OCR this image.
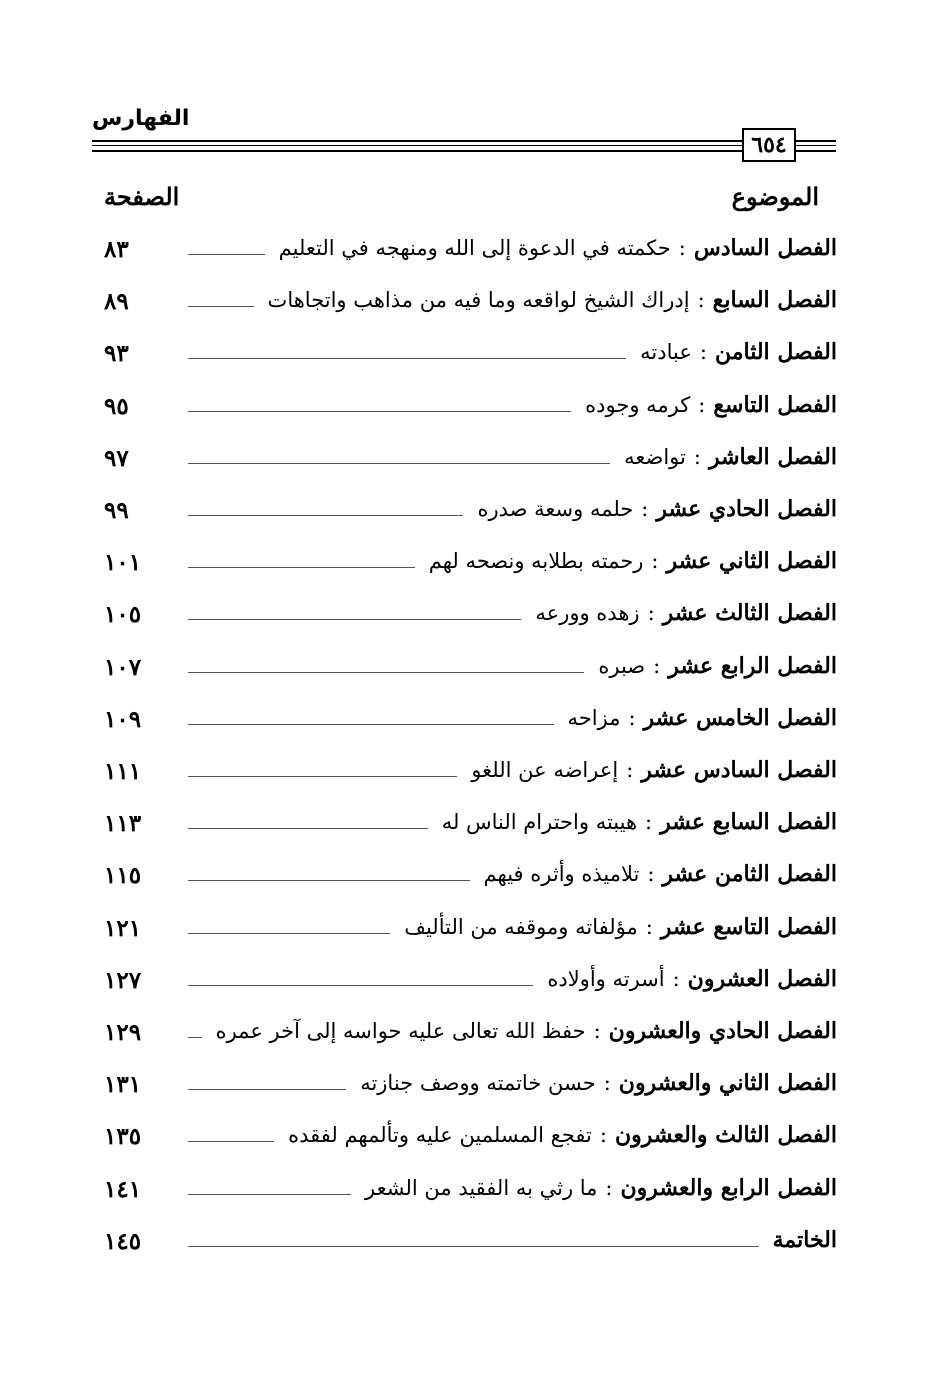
الفهارس
٦٥٤
الموضوع
الصفحة
٨٣	الفصل السادس:حكمته في الدعوة إلى الله ومنهجه في التعليم
٨٩	الفصل السابع:إدراك الشيخ لواقعه وما فيه من مذاهب واتجاهات
٩٣	الفصل الثامن:عبادته
٩٥	الفصل التاسع:كرمه وجوده
٩٧	الفصل العاشر:تواضعه
٩٩	الفصل الحادي عشر:حلمه وسعة صدره
١٠١	الفصل الثاني عشر:رحمته بطلابه ونصحه لهم
١٠٥	الفصل الثالث عشر:زهده وورعه
١٠٧	الفصل الرابع عشر:صبره
١٠٩	الفصل الخامس عشر:مزاحه
١١١	الفصل السادس عشر:إعراضه عن اللغو
١١٣	الفصل السابع عشر:هيبته واحترام الناس له
١١٥	الفصل الثامن عشر:تلاميذه وأثره فيهم
١٢١	الفصل التاسع عشر:مؤلفاته وموقفه من التأليف
١٢٧	الفصل العشرون:أسرته وأولاده
١٢٩	الفصل الحادي والعشرون:حفظ الله تعالى عليه حواسه إلى آخر عمره
١٣١	الفصل الثاني والعشرون:حسن خاتمته ووصف جنازته
١٣٥	الفصل الثالث والعشرون:تفجع المسلمين عليه وتألمهم لفقده
١٤١	الفصل الرابع والعشرون:ما رثي به الفقيد من الشعر
١٤٥	الخاتمة
